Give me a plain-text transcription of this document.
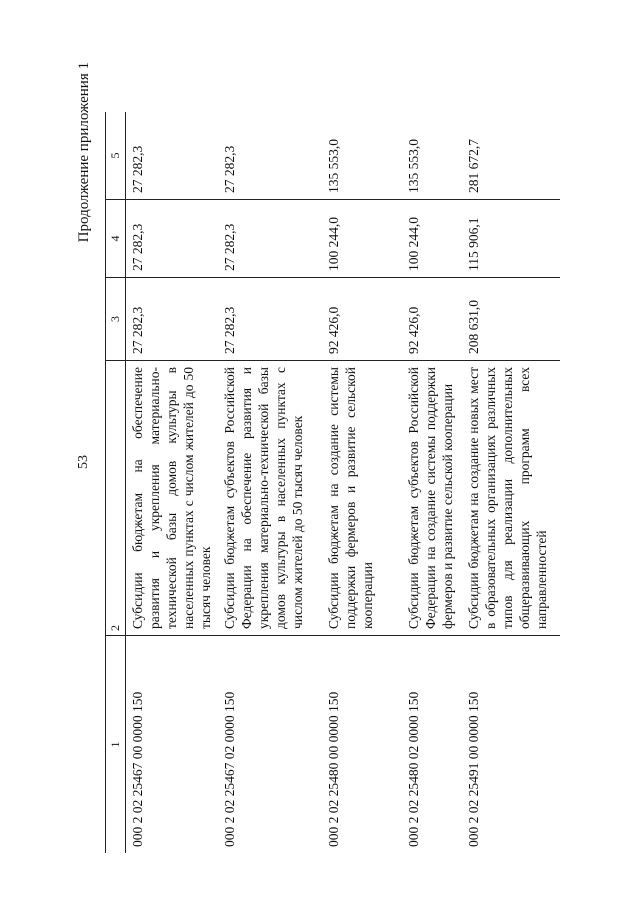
53
Продолжение приложения 1
1	2	3	4	5
000 2 02 25467 00 0000 150	Субсидии бюджетам на обеспечение развития и укрепления материально-технической базы домов культуры в населенных пунктах с числом жителей до 50 тысяч человек	27 282,3	27 282,3	27 282,3
000 2 02 25467 02 0000 150	Субсидии бюджетам субъектов Российской Федерации на обеспечение развития и укрепления материально-технической базы домов культуры в населенных пунктах с числом жителей до 50 тысяч человек	27 282,3	27 282,3	27 282,3
000 2 02 25480 00 0000 150	Субсидии бюджетам на создание системы поддержки фермеров и развитие сельской кооперации	92 426,0	100 244,0	135 553,0
000 2 02 25480 02 0000 150	Субсидии бюджетам субъектов Российской Федерации на создание системы поддержки фермеров и развитие сельской кооперации	92 426,0	100 244,0	135 553,0
000 2 02 25491 00 0000 150	Субсидии бюджетам на создание новых мест в образовательных организациях различных типов для реализации дополнительных общеразвивающих программ всех направленностей	208 631,0	115 906,1	281 672,7
